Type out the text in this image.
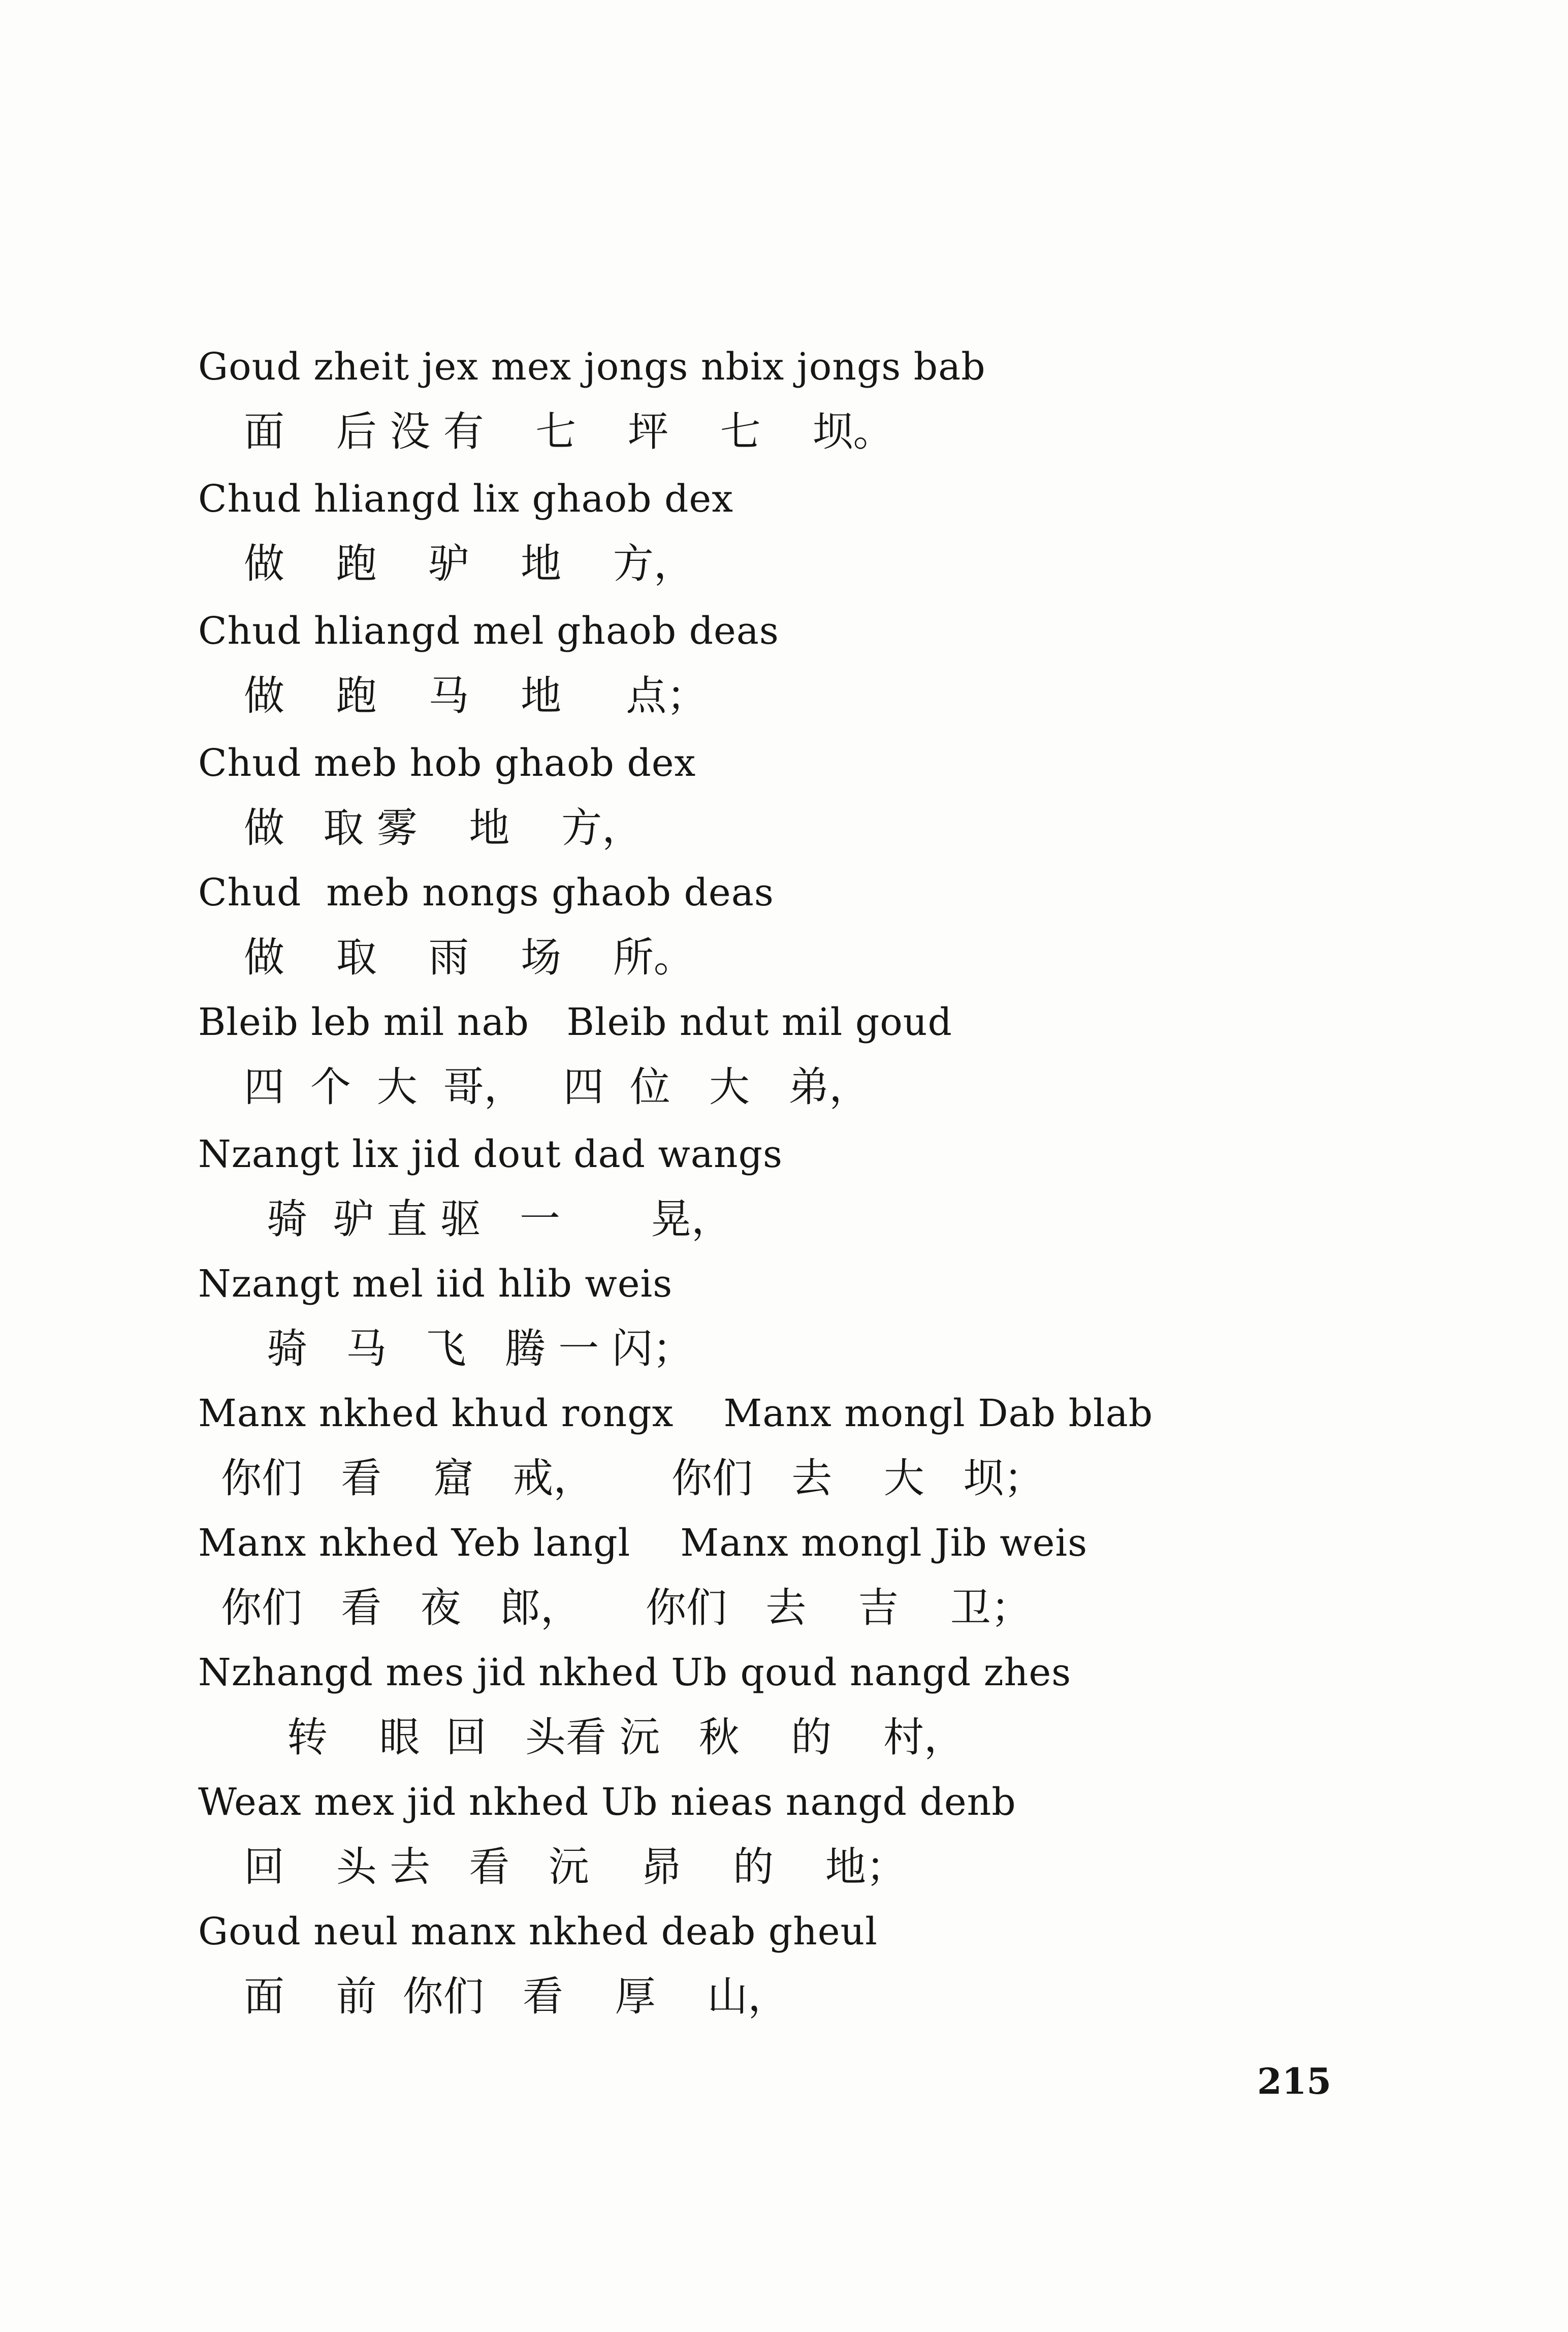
Goud zheit jex mex jongs nbix jongs bab
面    后 没 有    七    坪    七    坝。
Chud hliangd lix ghaob dex
做    跑    驴    地    方，
Chud hliangd mel ghaob deas
做    跑    马    地     点；
Chud meb hob ghaob dex
做   取 雾    地    方，
Chud  meb nongs ghaob deas
做    取    雨    场    所。
Bleib leb mil nab   Bleib ndut mil goud
四  个  大  哥，   四  位   大   弟，
Nzangt lix jid dout dad wangs
骑  驴 直 驱   一       晃，
Nzangt mel iid hlib weis
骑   马   飞   腾 一 闪；
Manx nkhed khud rongx    Manx mongl Dab blab
你们   看    窟   戒，      你们   去    大   坝；
Manx nkhed Yeb langl    Manx mongl Jib weis
你们   看   夜   郎，     你们   去    吉    卫；
Nzhangd mes jid nkhed Ub qoud nangd zhes
转    眼  回   头看 沅   秋    的    村，
Weax mex jid nkhed Ub nieas nangd denb
回    头 去   看   沅    昴    的    地；
Goud neul manx nkhed deab gheul
面    前  你们   看    厚    山，
215
